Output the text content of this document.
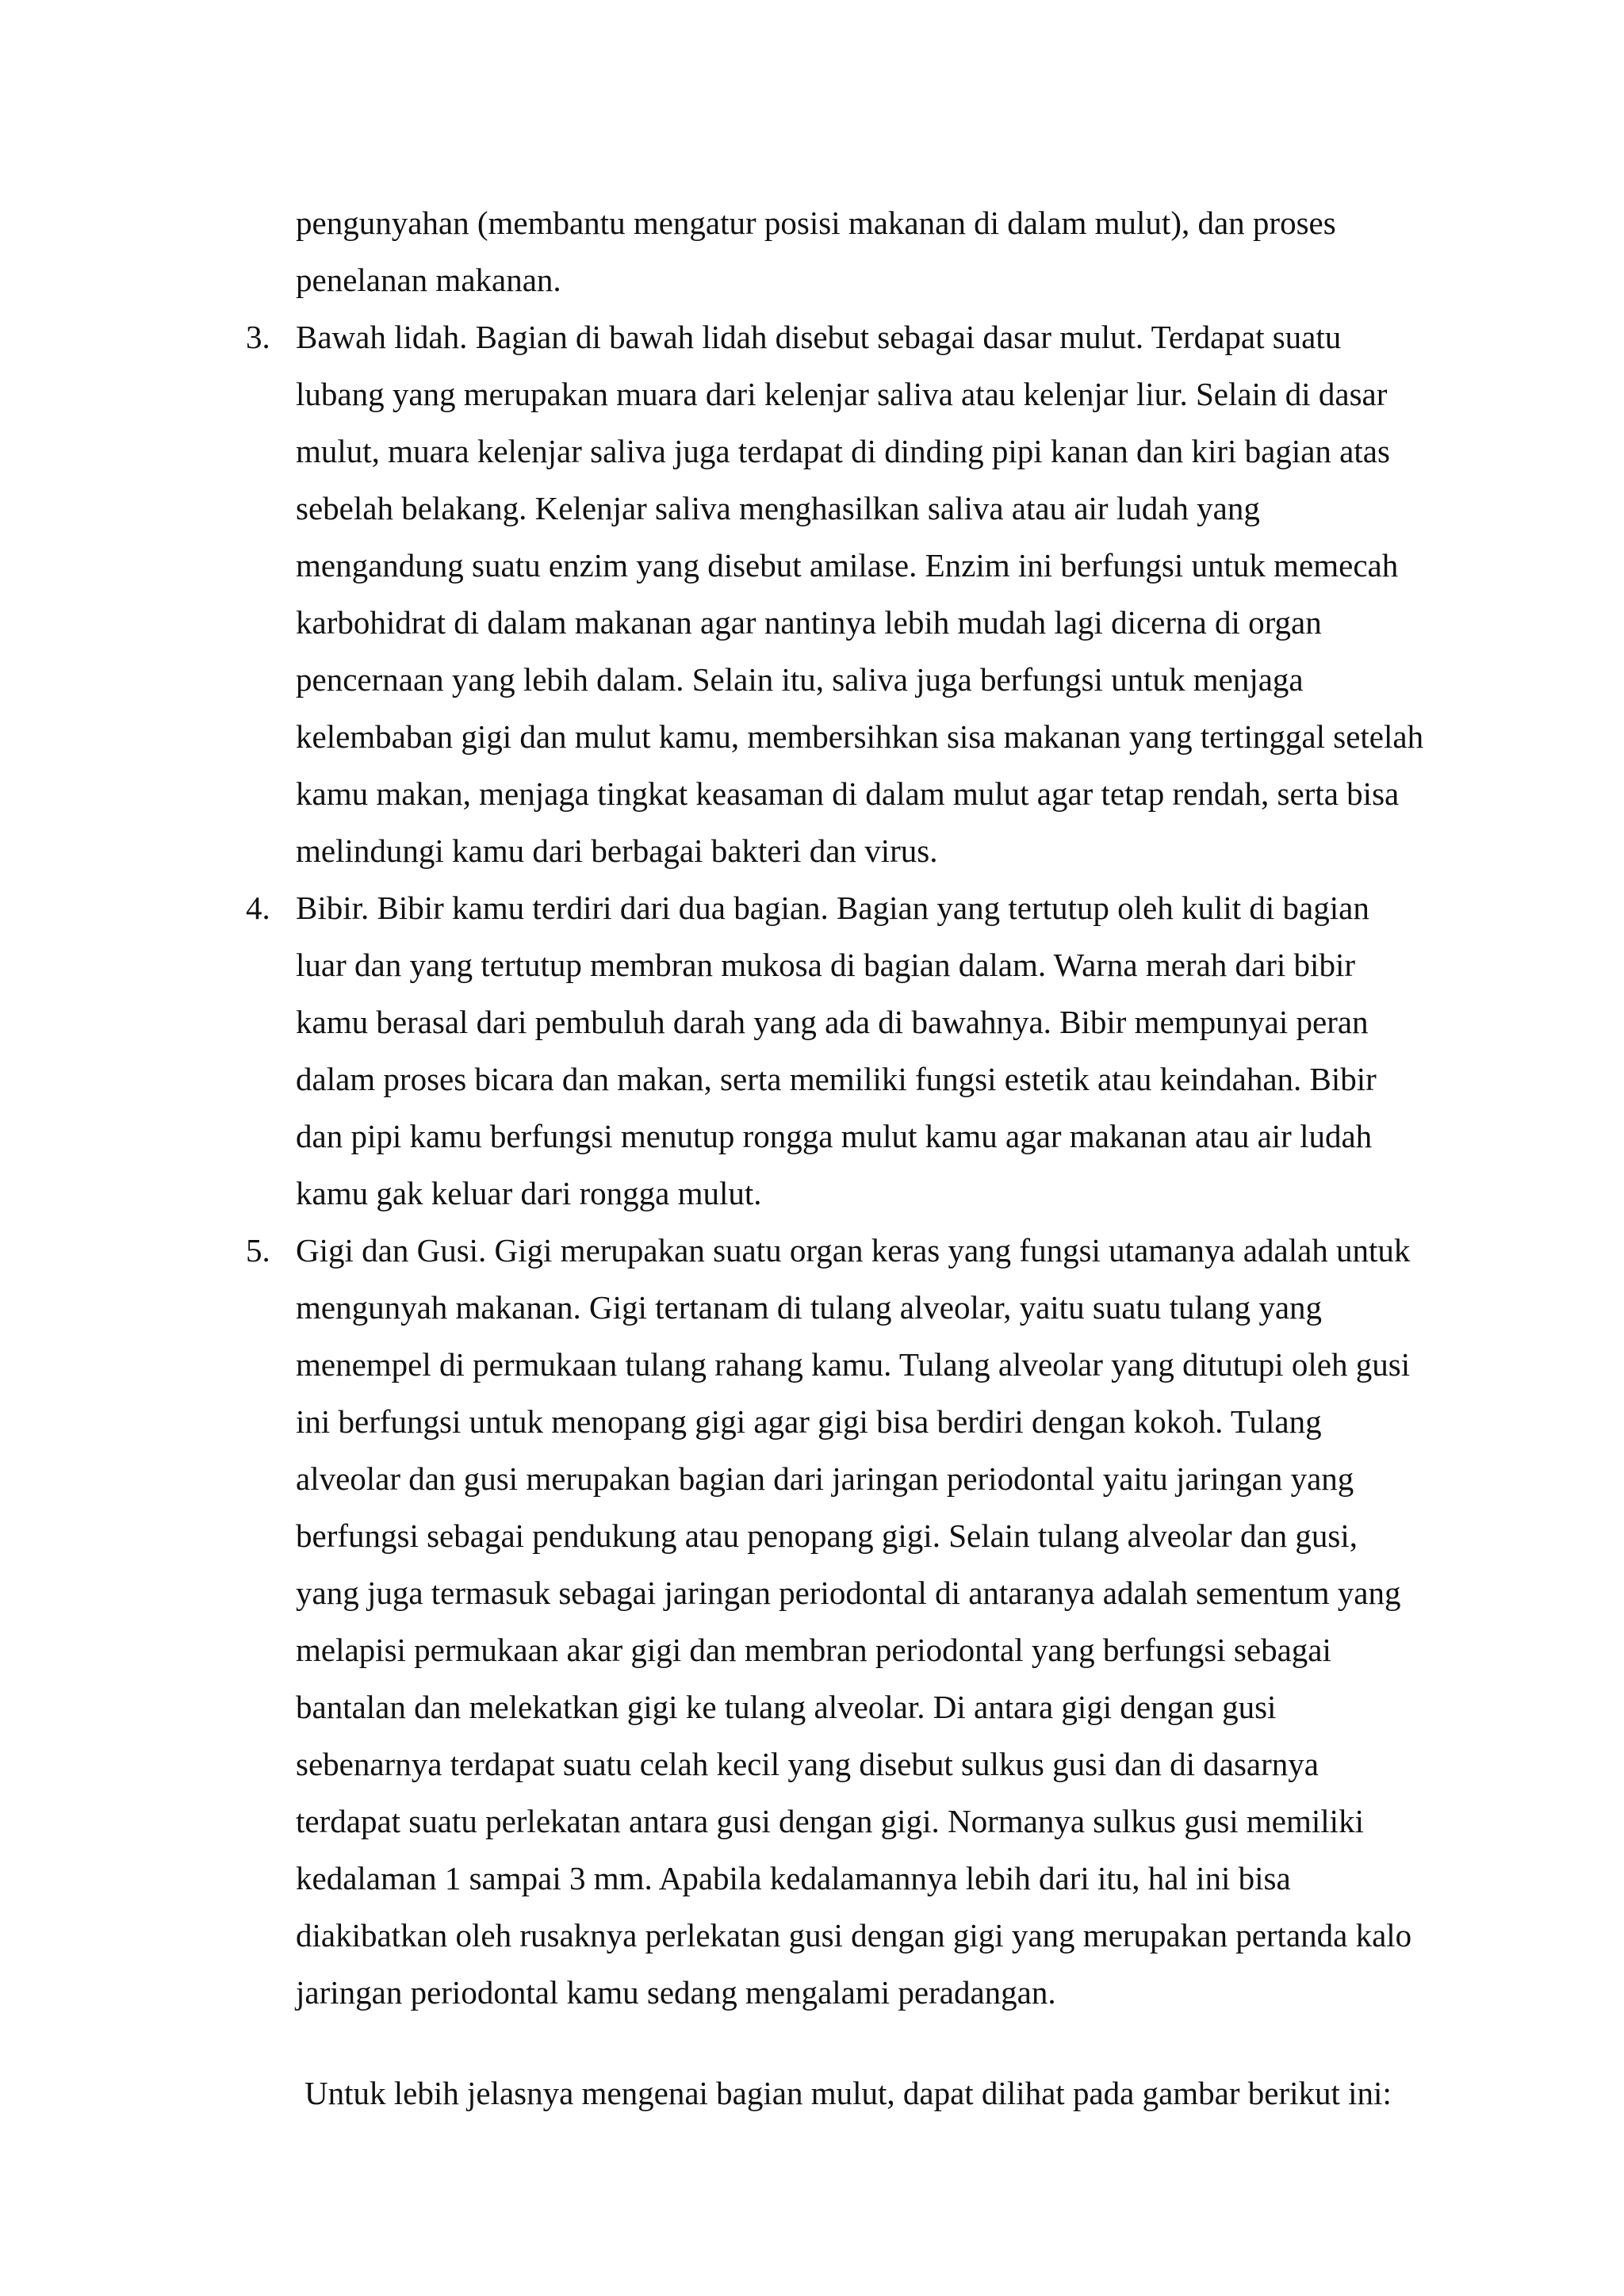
pengunyahan (membantu mengatur posisi makanan di dalam mulut), dan proses penelanan makanan.

3. Bawah lidah. Bagian di bawah lidah disebut sebagai dasar mulut. Terdapat suatu lubang yang merupakan muara dari kelenjar saliva atau kelenjar liur. Selain di dasar mulut, muara kelenjar saliva juga terdapat di dinding pipi kanan dan kiri bagian atas sebelah belakang. Kelenjar saliva menghasilkan saliva atau air ludah yang mengandung suatu enzim yang disebut amilase. Enzim ini berfungsi untuk memecah karbohidrat di dalam makanan agar nantinya lebih mudah lagi dicerna di organ pencernaan yang lebih dalam. Selain itu, saliva juga berfungsi untuk menjaga kelembaban gigi dan mulut kamu, membersihkan sisa makanan yang tertinggal setelah kamu makan, menjaga tingkat keasaman di dalam mulut agar tetap rendah, serta bisa melindungi kamu dari berbagai bakteri dan virus.
4. Bibir. Bibir kamu terdiri dari dua bagian. Bagian yang tertutup oleh kulit di bagian luar dan yang tertutup membran mukosa di bagian dalam. Warna merah dari bibir kamu berasal dari pembuluh darah yang ada di bawahnya. Bibir mempunyai peran dalam proses bicara dan makan, serta memiliki fungsi estetik atau keindahan. Bibir dan pipi kamu berfungsi menutup rongga mulut kamu agar makanan atau air ludah kamu gak keluar dari rongga mulut.
5. Gigi dan Gusi. Gigi merupakan suatu organ keras yang fungsi utamanya adalah untuk mengunyah makanan. Gigi tertanam di tulang alveolar, yaitu suatu tulang yang menempel di permukaan tulang rahang kamu. Tulang alveolar yang ditutupi oleh gusi ini berfungsi untuk menopang gigi agar gigi bisa berdiri dengan kokoh. Tulang alveolar dan gusi merupakan bagian dari jaringan periodontal yaitu jaringan yang berfungsi sebagai pendukung atau penopang gigi. Selain tulang alveolar dan gusi, yang juga termasuk sebagai jaringan periodontal di antaranya adalah sementum yang melapisi permukaan akar gigi dan membran periodontal yang berfungsi sebagai bantalan dan melekatkan gigi ke tulang alveolar. Di antara gigi dengan gusi sebenarnya terdapat suatu celah kecil yang disebut sulkus gusi dan di dasarnya terdapat suatu perlekatan antara gusi dengan gigi. Normanya sulkus gusi memiliki kedalaman 1 sampai 3 mm. Apabila kedalamannya lebih dari itu, hal ini bisa diakibatkan oleh rusaknya perlekatan gusi dengan gigi yang merupakan pertanda kalo jaringan periodontal kamu sedang mengalami peradangan.

Untuk lebih jelasnya mengenai bagian mulut, dapat dilihat pada gambar berikut ini:
